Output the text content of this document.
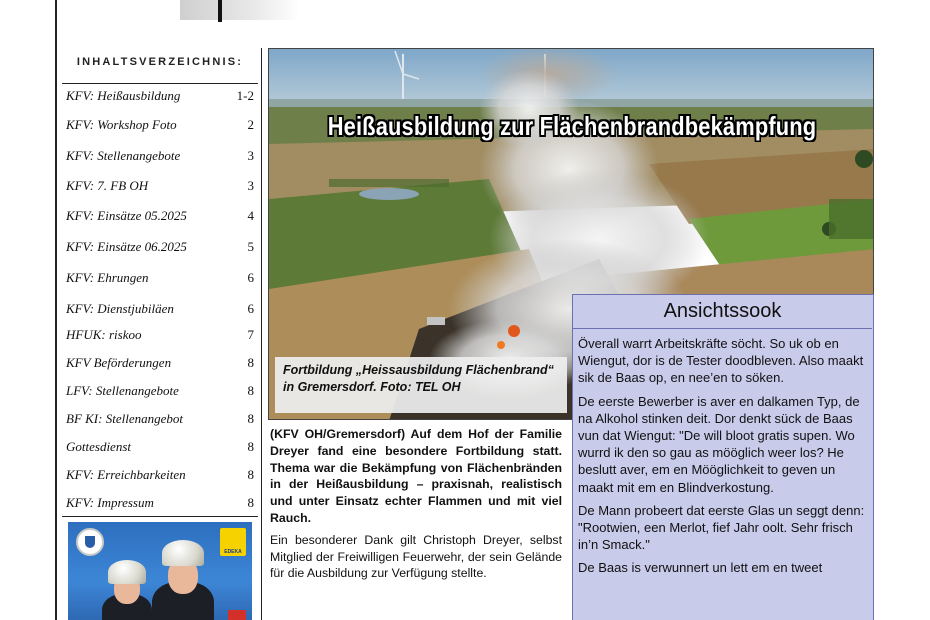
INHALTSVERZEICHNIS:
KFV: Heißausbildung	1-2
KFV: Workshop Foto	2
KFV: Stellenangebote	3
KFV: 7. FB OH	3
KFV: Einsätze 05.2025	4
KFV: Einsätze 06.2025	5
KFV: Ehrungen	6
KFV: Dienstjubiläen	6
HFUK: riskoo	7
KFV Beförderungen	8
LFV: Stellenangebote	8
BF KI: Stellenangebot	8
Gottesdienst	8
KFV: Erreichbarkeiten	8
KFV: Impressum	8
EDEKA
Heißausbildung zur Flächenbrandbekämpfung
Fortbildung „Heissausbildung Flächenbrand“ in Gremersdorf. Foto: TEL OH

(KFV OH/Gremersdorf) Auf dem Hof der Familie Dreyer fand eine besondere Fortbildung statt. Thema war die Bekämpfung von Flächenbränden in der Heißausbildung – praxisnah, realistisch und unter Einsatz echter Flammen und mit viel Rauch.

Ein besonderer Dank gilt Christoph Dreyer, selbst Mitglied der Freiwilligen Feuerwehr, der sein Gelände für die Ausbildung zur Verfügung stellte.

Ansichtssook

Överall warrt Arbeitskräfte söcht. So uk ob en Wiengut, dor is de Tester doodbleven. Also maakt sik de Baas op, en nee’en to söken.

De eerste Bewerber is aver en dalkamen Typ, de na Alkohol stinken deit. Dor denkt sück de Baas vun dat Wiengut: "De will bloot gratis supen. Wo wurrd ik den so gau as mööglich weer los? He beslutt aver, em en Mööglichkeit to geven un maakt mit em en Blindverkostung.

De Mann probeert dat eerste Glas un seggt denn: "Rootwien, een Merlot, fief Jahr oolt. Sehr frisch in’n Smack."

De Baas is verwunnert un lett em en tweet
